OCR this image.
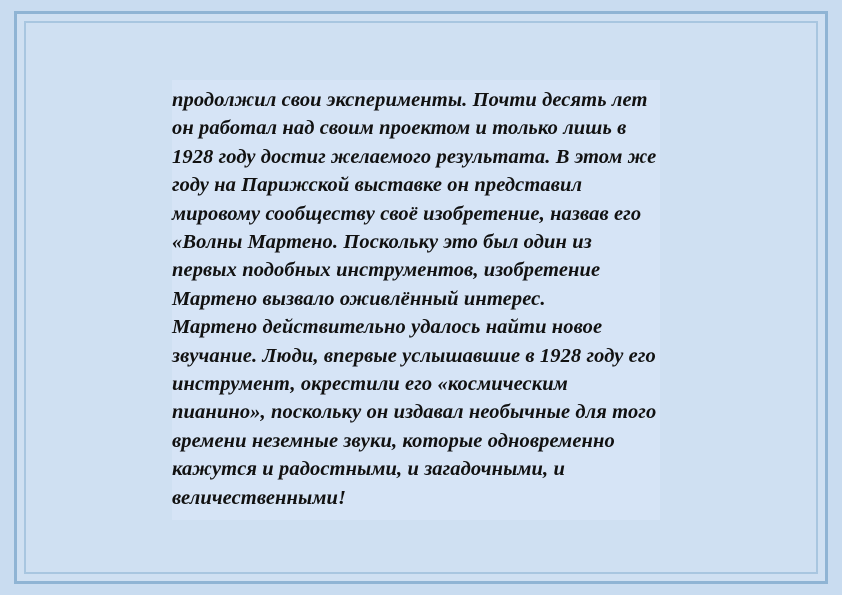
продолжил свои эксперименты. Почти десять лет он работал над своим проектом и только лишь в 1928 году достиг желаемого результата. В этом же году на Парижской выставке он представил мировому сообществу своё изобретение, назвав его «Волны Мартено. Поскольку это был один из первых подобных инструментов, изобретение Мартено вызвало оживлённый интерес.

Мартено действительно удалось найти новое звучание. Люди, впервые услышавшие в 1928 году его инструмент, окрестили его «космическим пианино», поскольку он издавал необычные для того времени неземные звуки, которые одновременно кажутся и радостными, и загадочными, и величественными!
